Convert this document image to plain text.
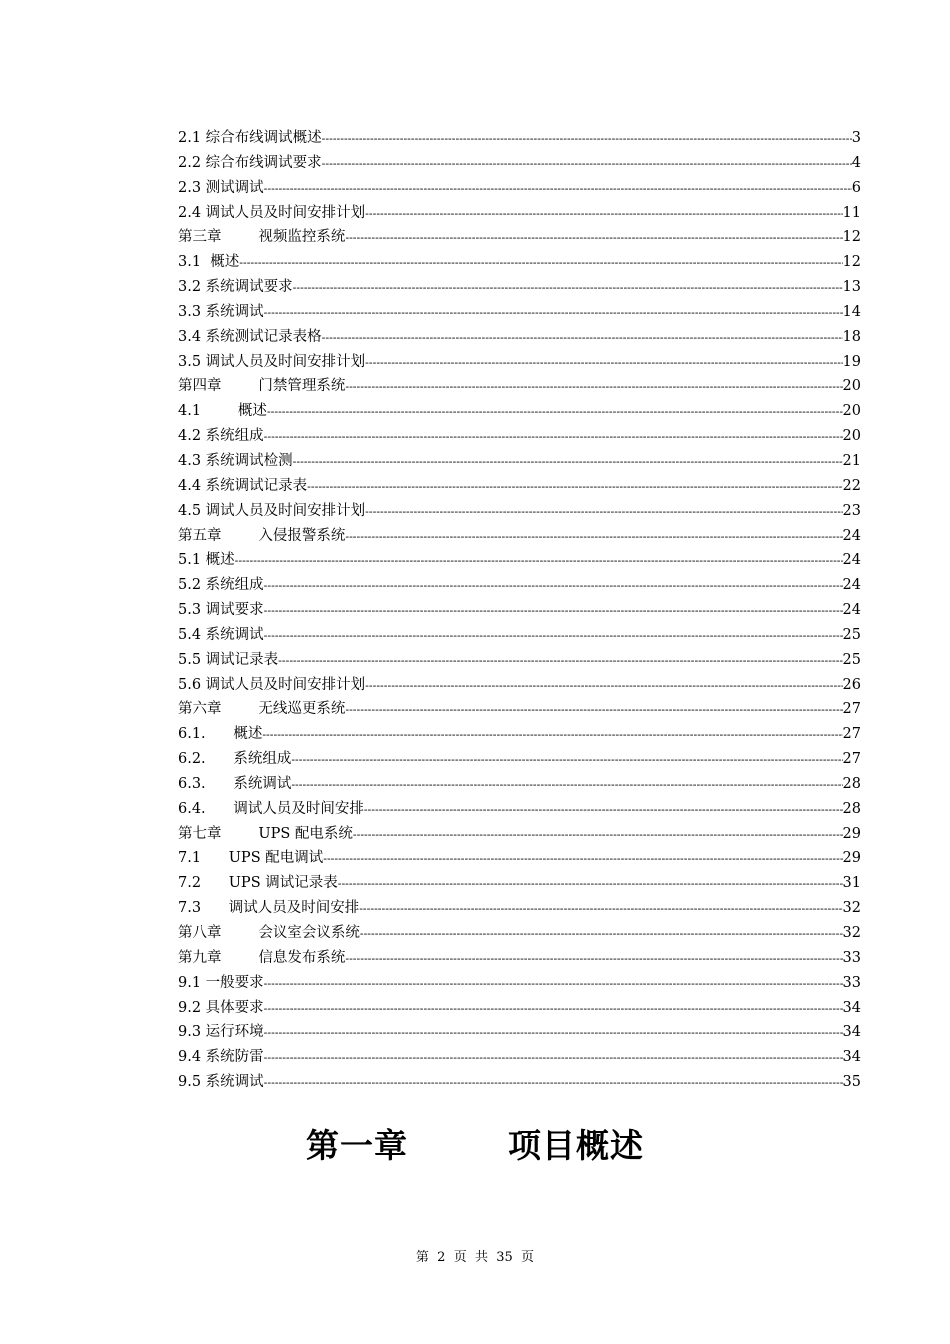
2.1 综合布线调试概述 -----	3
2.2 综合布线调试要求 -----	4
2.3 测试调试 -----	6
2.4 调试人员及时间安排计划 -----	11
第三章        视频监控系统 -----	12
3.1  概述 -----	12
3.2 系统调试要求 -----	13
3.3 系统调试 -----	14
3.4 系统测试记录表格 -----	18
3.5 调试人员及时间安排计划 -----	19
第四章        门禁管理系统 -----	20
4.1        概述 -----	20
4.2 系统组成 -----	20
4.3 系统调试检测 -----	21
4.4 系统调试记录表 -----	22
4.5 调试人员及时间安排计划 -----	23
第五章        入侵报警系统 -----	24
5.1 概述 -----	24
5.2 系统组成 -----	24
5.3 调试要求 -----	24
5.4 系统调试 -----	25
5.5 调试记录表 -----	25
5.6 调试人员及时间安排计划 -----	26
第六章        无线巡更系统 -----	27
6.1.      概述 -----	27
6.2.      系统组成 -----	27
6.3.      系统调试 -----	28
6.4.      调试人员及时间安排 -----	28
第七章        UPS 配电系统 -----	29
7.1      UPS 配电调试 -----	29
7.2      UPS 调试记录表 -----	31
7.3      调试人员及时间安排 -----	32
第八章        会议室会议系统 -----	32
第九章        信息发布系统 -----	33
9.1 一般要求 -----	33
9.2 具体要求 -----	34
9.3 运行环境 -----	34
9.4 系统防雷 -----	34
9.5 系统调试 -----	35
第一章        项目概述
第  2  页  共  35  页
